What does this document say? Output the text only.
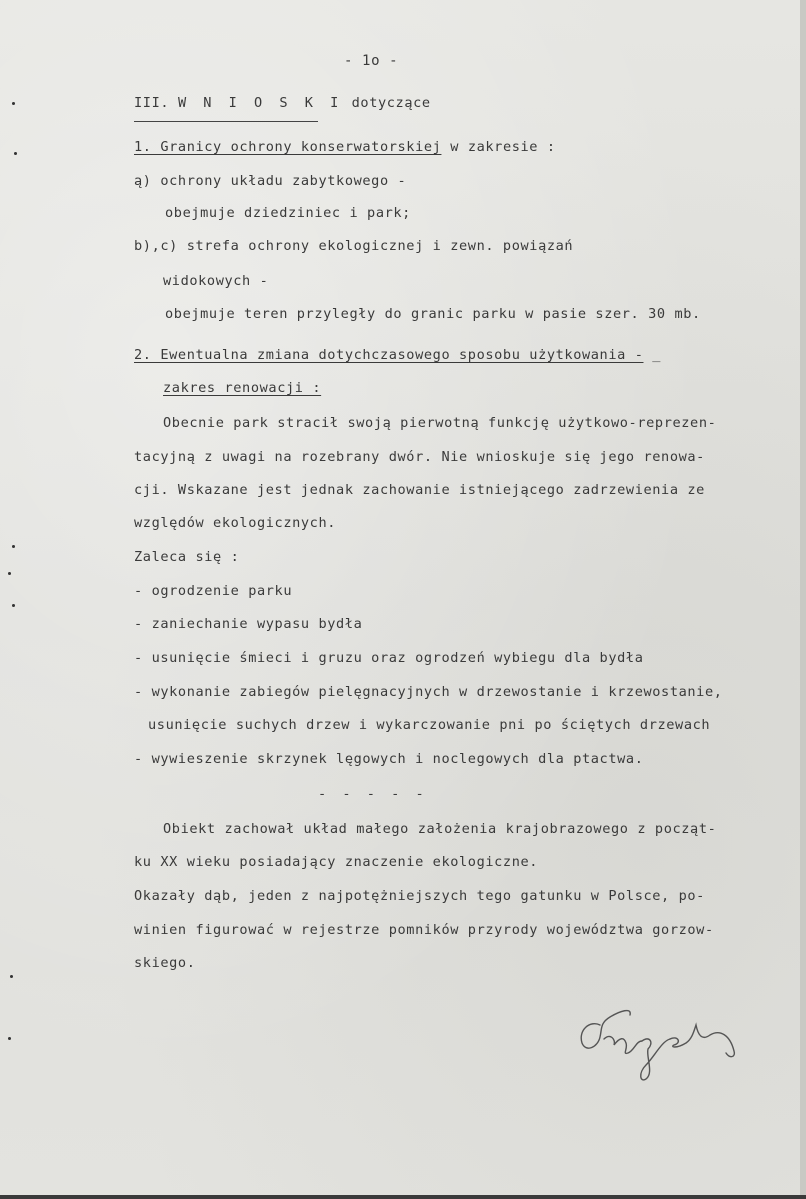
- 1o -
III. W N I O S K I dotyczące
1. Granicy ochrony konserwatorskiej w zakresie :
ą) ochrony układu zabytkowego -
obejmuje dziedziniec i park;
b),c) strefa ochrony ekologicznej i zewn. powiązań
widokowych -
obejmuje teren przyległy do granic parku w pasie szer. 30 mb.
2. Ewentualna zmiana dotychczasowego sposobu użytkowania - _
zakres renowacji :
Obecnie park stracił swoją pierwotną funkcję użytkowo-reprezen-
tacyjną z uwagi na rozebrany dwór. Nie wnioskuje się jego renowa-
cji. Wskazane jest jednak zachowanie istniejącego zadrzewienia ze
względów ekologicznych.
Zaleca się :
- ogrodzenie parku
- zaniechanie wypasu bydła
- usunięcie śmieci i gruzu oraz ogrodzeń wybiegu dla bydła
- wykonanie zabiegów pielęgnacyjnych w drzewostanie i krzewostanie,
usunięcie suchych drzew i wykarczowanie pni po ściętych drzewach
- wywieszenie skrzynek lęgowych i noclegowych dla ptactwa.
- - - - -
Obiekt zachował układ małego założenia krajobrazowego z począt-
ku XX wieku posiadający znaczenie ekologiczne.
Okazały dąb, jeden z najpotężniejszych tego gatunku w Polsce, po-
winien figurować w rejestrze pomników przyrody województwa gorzow-
skiego.
